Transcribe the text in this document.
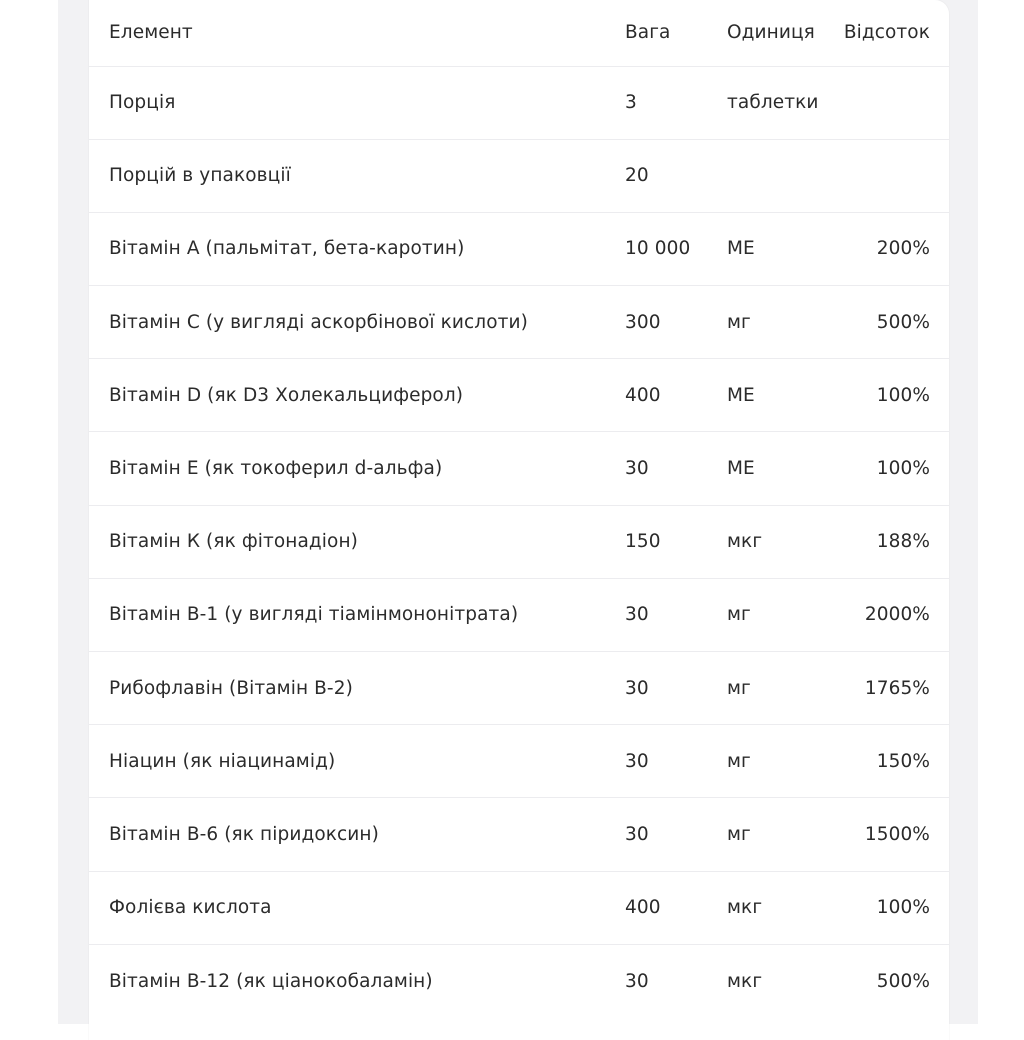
Елемент	Вага	Одиниця	Відсоток
Порція	3	таблетки	
Порцій в упаковції	20		
Вітамін А (пальмітат, бета-каротин)	10 000	МЕ	200%
Вітамін С (у вигляді аскорбінової кислоти)	300	мг	500%
Вітамін D (як D3 Холекальциферол)	400	МЕ	100%
Вітамін Е (як токоферил d-альфа)	30	МЕ	100%
Вітамін К (як фітонадіон)	150	мкг	188%
Вітамін В-1 (у вигляді тіамінмононітрата)	30	мг	2000%
Рибофлавін (Вітамін В-2)	30	мг	1765%
Ніацин (як ніацинамід)	30	мг	150%
Вітамін В-6 (як піридоксин)	30	мг	1500%
Фолієва кислота	400	мкг	100%
Вітамін В-12 (як ціанокобаламін)	30	мкг	500%
